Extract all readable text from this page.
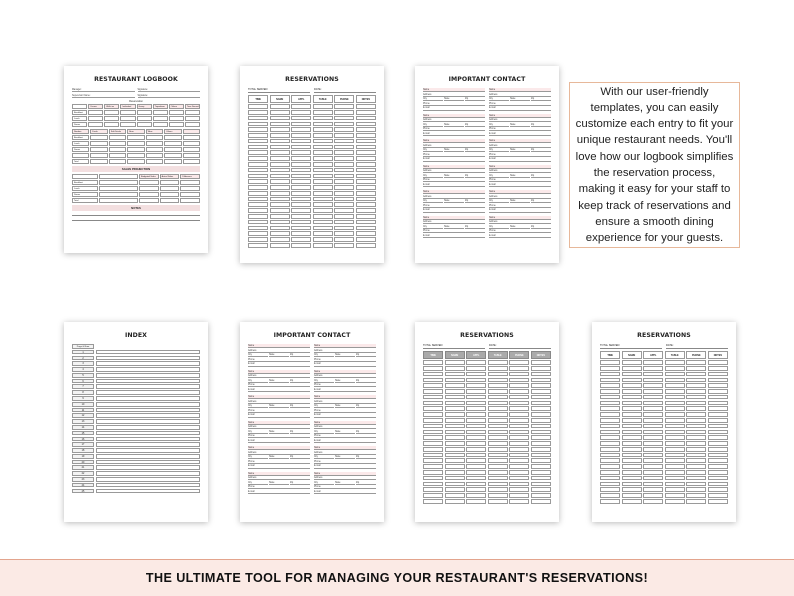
RESTAURANT LOGBOOK
Manager:	Signature:
Supervisor Name:	Signature:
Reservation
Covers	Walk ins	Individual	Group	Tripadvisor	Others	Time Served
Breakfast
Lunch
Dinner
Number	Fresh	Soft Drinks	Beer	Wine	Others
Breakfast
Lunch
Dinner
Total
SALES PROJECTION
Budgeted Sales	Actual Sales	Difference
Breakfast
Lunch
Dinner
Total
NOTES
RESERVATIONS
TOTAL SERVED:	DATE:
TIME	NAME	APPL	TABLE	PHONE	NOTES
IMPORTANT CONTACT
Name
Address
City	State	Zip
Phone
E-mail
Name
Address
City	State	Zip
Phone
E-mail
Name
Address
City	State	Zip
Phone
E-mail
Name
Address
City	State	Zip
Phone
E-mail
Name
Address
City	State	Zip
Phone
E-mail
Name
Address
City	State	Zip
Phone
E-mail
Name
Address
City	State	Zip
Phone
E-mail
Name
Address
City	State	Zip
Phone
E-mail
Name
Address
City	State	Zip
Phone
E-mail
Name
Address
City	State	Zip
Phone
E-mail
Name
Address
City	State	Zip
Phone
E-mail
Name
Address
City	State	Zip
Phone
E-mail

With our user-friendly templates, you can easily customize each entry to fit your unique restaurant needs. You'll love how our logbook simplifies the reservation process, making it easy for your staff to keep track of reservations and ensure a smooth dining experience for your guests.

INDEX
Page & Num
1
2
3
4
5
6
7
8
9
10
11
12
13
14
15
16
17
18
19
20
21
22
23
24
25
IMPORTANT CONTACT
Name
Address
City	State	Zip
Phone
E-mail
Name
Address
City	State	Zip
Phone
E-mail
Name
Address
City	State	Zip
Phone
E-mail
Name
Address
City	State	Zip
Phone
E-mail
Name
Address
City	State	Zip
Phone
E-mail
Name
Address
City	State	Zip
Phone
E-mail
Name
Address
City	State	Zip
Phone
E-mail
Name
Address
City	State	Zip
Phone
E-mail
Name
Address
City	State	Zip
Phone
E-mail
Name
Address
City	State	Zip
Phone
E-mail
Name
Address
City	State	Zip
Phone
E-mail
Name
Address
City	State	Zip
Phone
E-mail
RESERVATIONS
TOTAL SERVED:	DATE:
TIME	NAME	APPL	TABLE	PHONE	NOTES
RESERVATIONS
TOTAL SERVED:	DATE:
TIME	NAME	APPL	TABLE	PHONE	NOTES
THE ULTIMATE TOOL FOR MANAGING YOUR RESTAURANT'S RESERVATIONS!
